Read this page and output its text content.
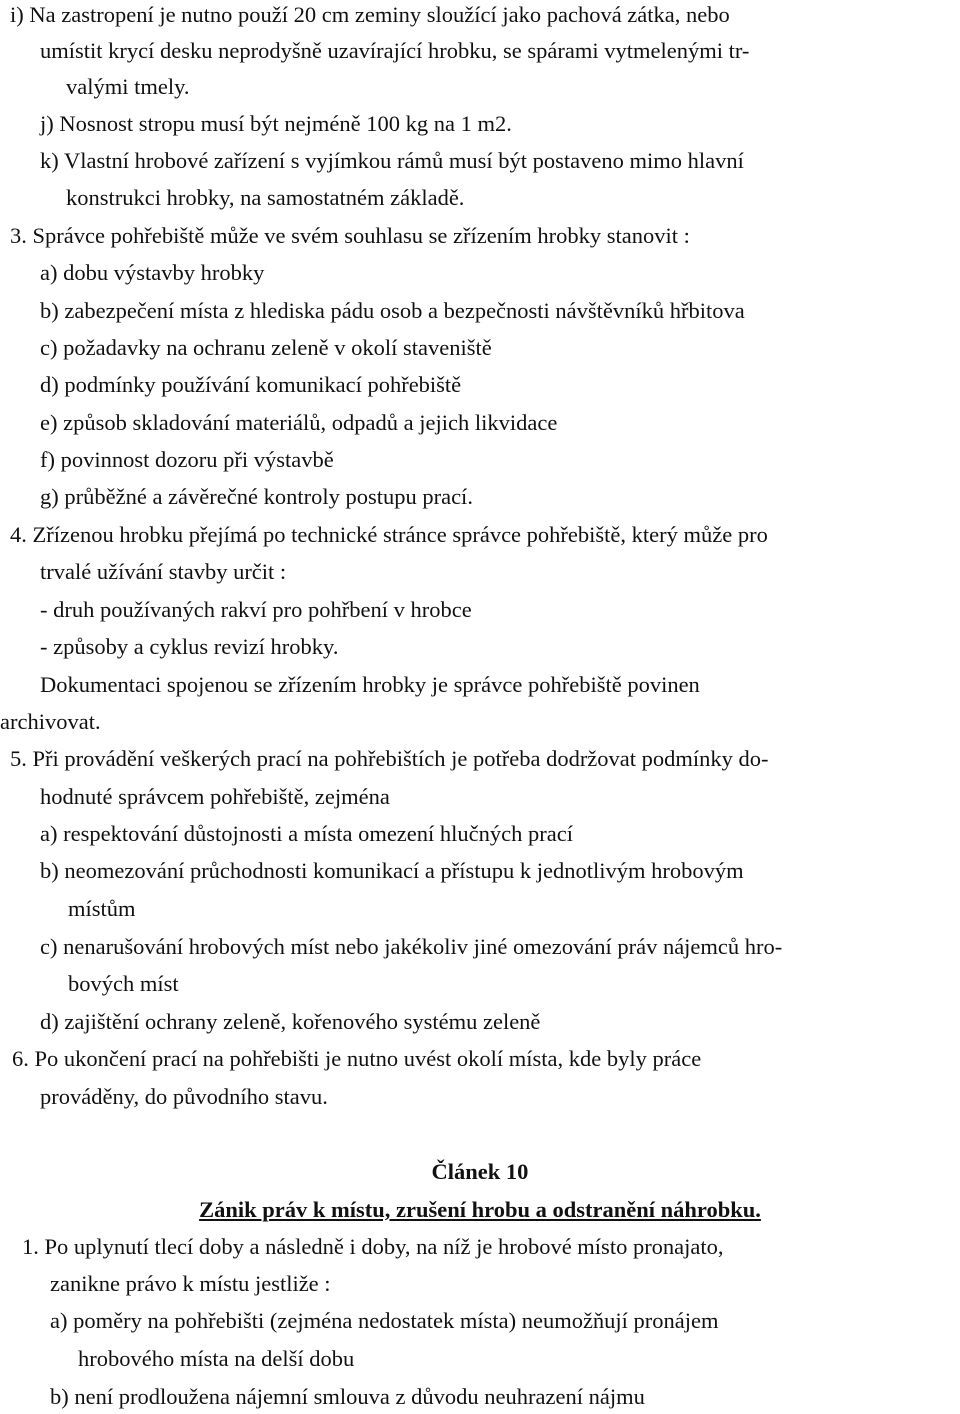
i) Na zastropení je nutno použí 20 cm zeminy sloužící jako pachová zátka, nebo
umístit krycí desku neprodyšně uzavírající hrobku, se spárami vytmelenými tr-
valými tmely.
j) Nosnost stropu musí být nejméně 100 kg na 1 m2.
k) Vlastní hrobové zařízení s vyjímkou rámů musí být postaveno mimo hlavní
konstrukci hrobky, na samostatném základě.
3. Správce pohřebiště může ve svém souhlasu se zřízením hrobky stanovit :
a) dobu výstavby hrobky
b) zabezpečení místa z hlediska pádu osob a bezpečnosti návštěvníků hřbitova
c) požadavky na ochranu zeleně v okolí staveniště
d) podmínky používání komunikací pohřebiště
e) způsob skladování materiálů, odpadů a jejich likvidace
f) povinnost dozoru při výstavbě
g) průběžné a závěrečné kontroly postupu prací.
4. Zřízenou hrobku přejímá po technické stránce správce pohřebiště, který může pro
trvalé užívání stavby určit :
- druh používaných rakví pro pohřbení v hrobce
- způsoby a cyklus revizí hrobky.
Dokumentaci spojenou se zřízením hrobky je správce pohřebiště povinen
archivovat.
5. Při provádění veškerých prací na pohřebištích je potřeba dodržovat podmínky do-
hodnuté správcem pohřebiště, zejména
a) respektování důstojnosti a místa omezení hlučných prací
b) neomezování průchodnosti komunikací a přístupu k jednotlivým hrobovým
místům
c) nenarušování hrobových míst nebo jakékoliv jiné omezování práv nájemců hro-
bových míst
d) zajištění ochrany zeleně, kořenového systému zeleně
6. Po ukončení prací na pohřebišti je nutno uvést okolí místa, kde byly práce
prováděny, do původního stavu.
Článek 10
Zánik práv k místu, zrušení hrobu a odstranění náhrobku.
1. Po uplynutí tlecí doby a následně i doby, na níž je hrobové místo pronajato,
zanikne právo k místu jestliže :
a) poměry na pohřebišti (zejména nedostatek místa) neumožňují pronájem
hrobového místa na delší dobu
b) není prodloužena nájemní smlouva z důvodu neuhrazení nájmu
